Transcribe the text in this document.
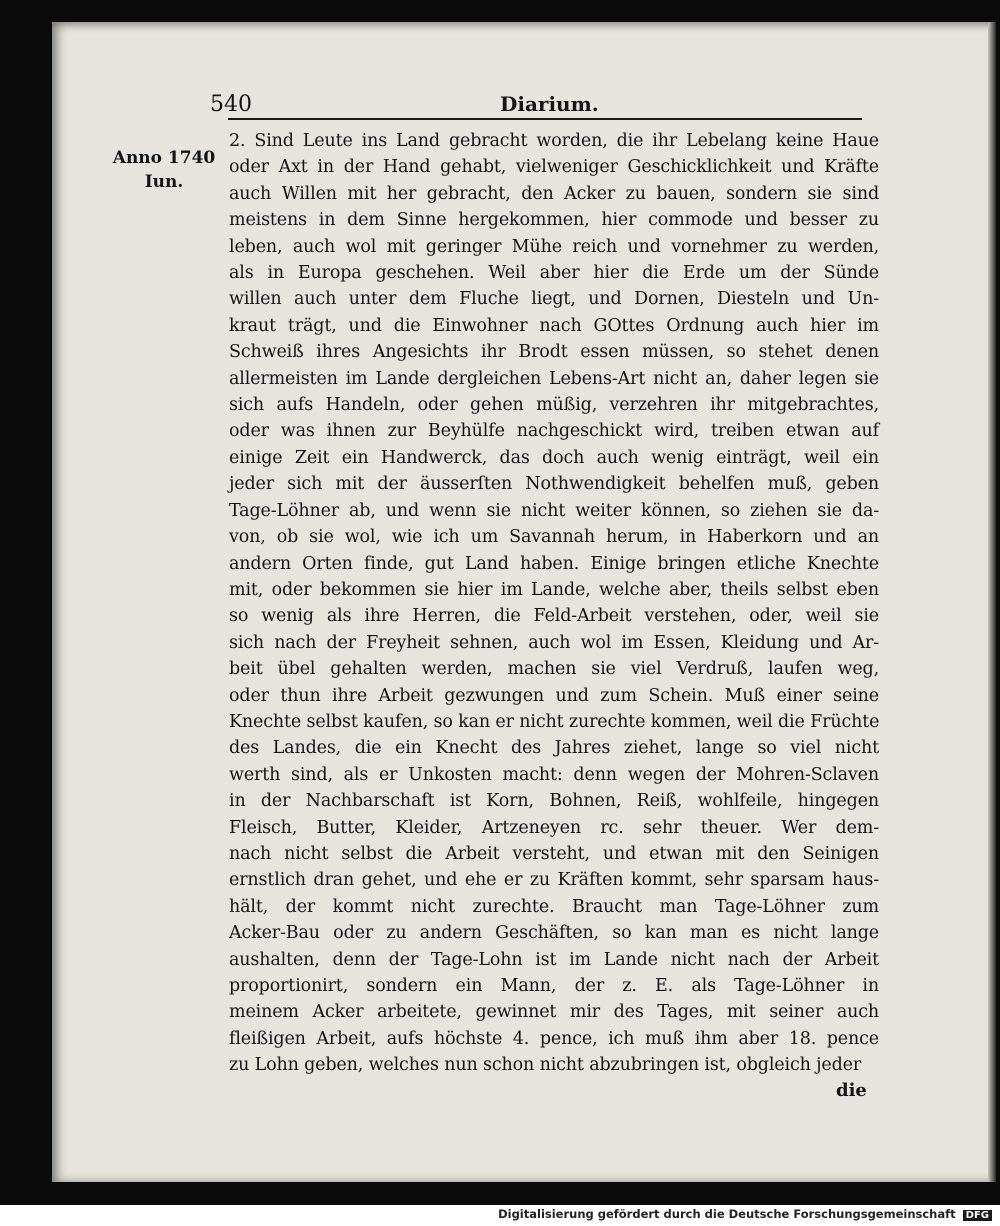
540	Diarium.
Anno 1740
Iun.
2. Sind Leute ins Land gebracht worden, die ihr Lebelang keine Haue
oder Axt in der Hand gehabt, vielweniger Geschicklichkeit und Kräfte
auch Willen mit her gebracht, den Acker zu bauen, sondern sie sind
meistens in dem Sinne hergekommen, hier commode und besser zu
leben, auch wol mit geringer Mühe reich und vornehmer zu werden,
als in Europa geschehen. Weil aber hier die Erde um der Sünde
willen auch unter dem Fluche liegt, und Dornen, Diesteln und Un-
kraut trägt, und die Einwohner nach GOttes Ordnung auch hier im
Schweiß ihres Angesichts ihr Brodt essen müssen, so stehet denen
allermeisten im Lande dergleichen Lebens-Art nicht an, daher legen sie
sich aufs Handeln, oder gehen müßig, verzehren ihr mitgebrachtes,
oder was ihnen zur Beyhülfe nachgeschickt wird, treiben etwan auf
einige Zeit ein Handwerck, das doch auch wenig einträgt, weil ein
jeder sich mit der äusserſten Nothwendigkeit behelfen muß, geben
Tage-Löhner ab, und wenn sie nicht weiter können, so ziehen sie da-
von, ob sie wol, wie ich um Savannah herum, in Haberkorn und an
andern Orten finde, gut Land haben. Einige bringen etliche Knechte
mit, oder bekommen sie hier im Lande, welche aber, theils selbst eben
so wenig als ihre Herren, die Feld-Arbeit verstehen, oder, weil sie
sich nach der Freyheit sehnen, auch wol im Essen, Kleidung und Ar-
beit übel gehalten werden, machen sie viel Verdruß, laufen weg,
oder thun ihre Arbeit gezwungen und zum Schein. Muß einer seine
Knechte selbst kaufen, so kan er nicht zurechte kommen, weil die Früchte
des Landes, die ein Knecht des Jahres ziehet, lange so viel nicht
werth sind, als er Unkosten macht: denn wegen der Mohren-Sclaven
in der Nachbarschaft ist Korn, Bohnen, Reiß, wohlfeile, hingegen
Fleisch, Butter, Kleider, Artzeneyen rc. sehr theuer. Wer dem-
nach nicht selbst die Arbeit versteht, und etwan mit den Seinigen
ernstlich dran gehet, und ehe er zu Kräften kommt, sehr sparsam haus-
hält, der kommt nicht zurechte. Braucht man Tage-Löhner zum
Acker-Bau oder zu andern Geschäften, so kan man es nicht lange
aushalten, denn der Tage-Lohn ist im Lande nicht nach der Arbeit
proportionirt, sondern ein Mann, der z. E. als Tage-Löhner in
meinem Acker arbeitete, gewinnet mir des Tages, mit seiner auch
fleißigen Arbeit, aufs höchste 4. pence, ich muß ihm aber 18. pence
zu Lohn geben, welches nun schon nicht abzubringen ist, obgleich jeder
die
Digitalisierung gefördert durch die Deutsche Forschungsgemeinschaft DFG
